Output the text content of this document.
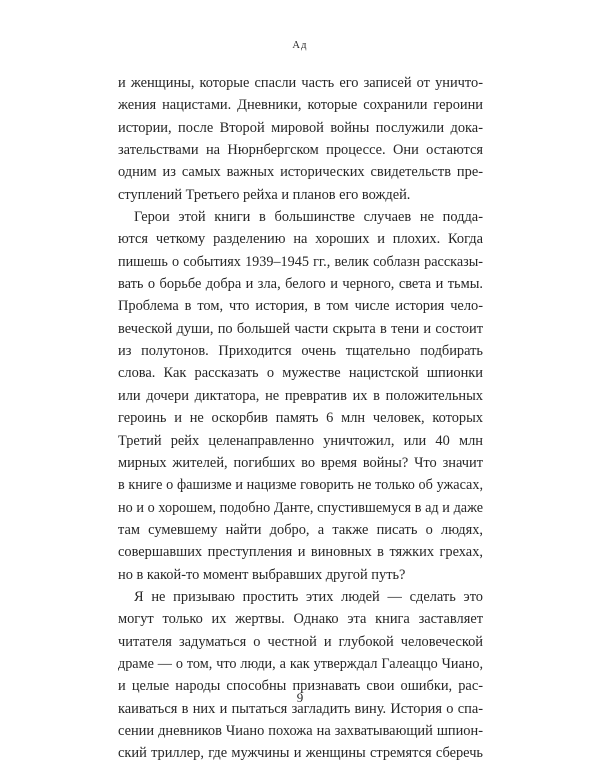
Ад
и женщины, которые спасли часть его записей от уничто-
жения нацистами. Дневники, которые сохранили героини
истории, после Второй мировой войны послужили дока-
зательствами на Нюрнбергском процессе. Они остаются
одним из самых важных исторических свидетельств пре-
ступлений Третьего рейха и планов его вождей.
Герои этой книги в большинстве случаев не подда-
ются четкому разделению на хороших и плохих. Когда
пишешь о событиях 1939–1945 гг., велик соблазн рассказы-
вать о борьбе добра и зла, белого и черного, света и тьмы.
Проблема в том, что история, в том числе история чело-
веческой души, по большей части скрыта в тени и состоит
из полутонов. Приходится очень тщательно подбирать
слова. Как рассказать о мужестве нацистской шпионки
или дочери диктатора, не превратив их в положительных
героинь и не оскорбив память 6 млн человек, которых
Третий рейх целенаправленно уничтожил, или 40 млн
мирных жителей, погибших во время войны? Что значит
в книге о фашизме и нацизме говорить не только об ужасах,
но и о хорошем, подобно Данте, спустившемуся в ад и даже
там сумевшему найти добро, а также писать о людях,
совершавших преступления и виновных в тяжких грехах,
но в какой-то момент выбравших другой путь?
Я не призываю простить этих людей — сделать это
могут только их жертвы. Однако эта книга заставляет
читателя задуматься о честной и глубокой человеческой
драме — о том, что люди, а как утверждал Галеаццо Чиано,
и целые народы способны признавать свои ошибки, рас-
каиваться в них и пытаться загладить вину. История о спа-
сении дневников Чиано похожа на захватывающий шпион-
ский триллер, где мужчины и женщины стремятся сберечь
9
